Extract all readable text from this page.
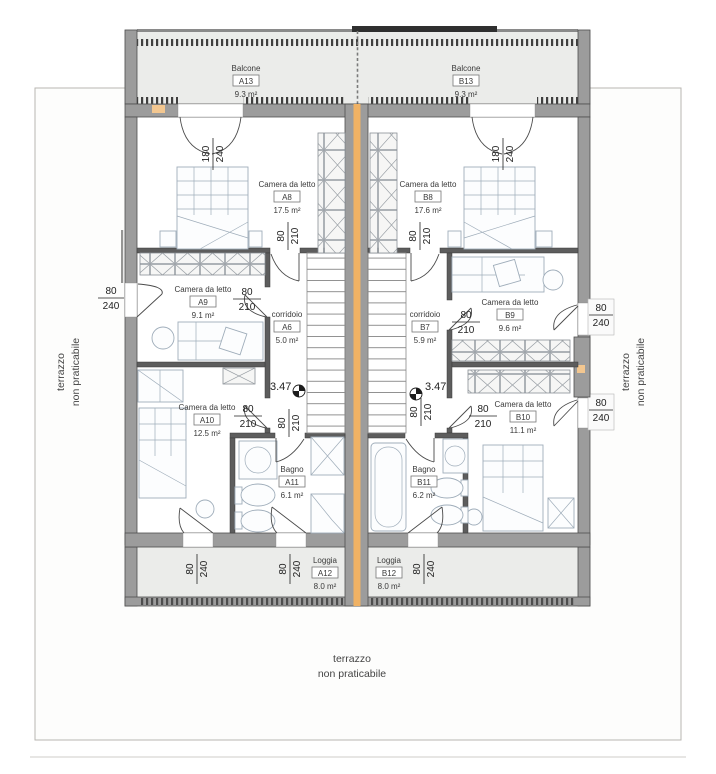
3.47	3.47
180 240	180 240
80 210	80 210
80 210
80 210
80 240	80 240	80 240
80
240	80
240
80
240
80
210
80
210
80
210
80
210
Balcone
A13
9.3 m²
Balcone
B13
9.3 m²
Camera da letto
A8
17.5 m²
Camera da letto
B8
17.6 m²
Camera da letto
A9
9.1 m²
Camera da letto
B9
9.6 m²
corridoio
A6
5.0 m²
corridoio
B7
5.9 m²
Camera da letto
A10
12.5 m²
Camera da letto
B10
11.1 m²
Bagno
A11
6.1 m²
Bagno
B11
6.2 m²
Loggia
A12
8.0 m²
Loggia
B12
8.0 m²
terrazzo non praticabile	terrazzo non praticabile
terrazzo
non praticabile
